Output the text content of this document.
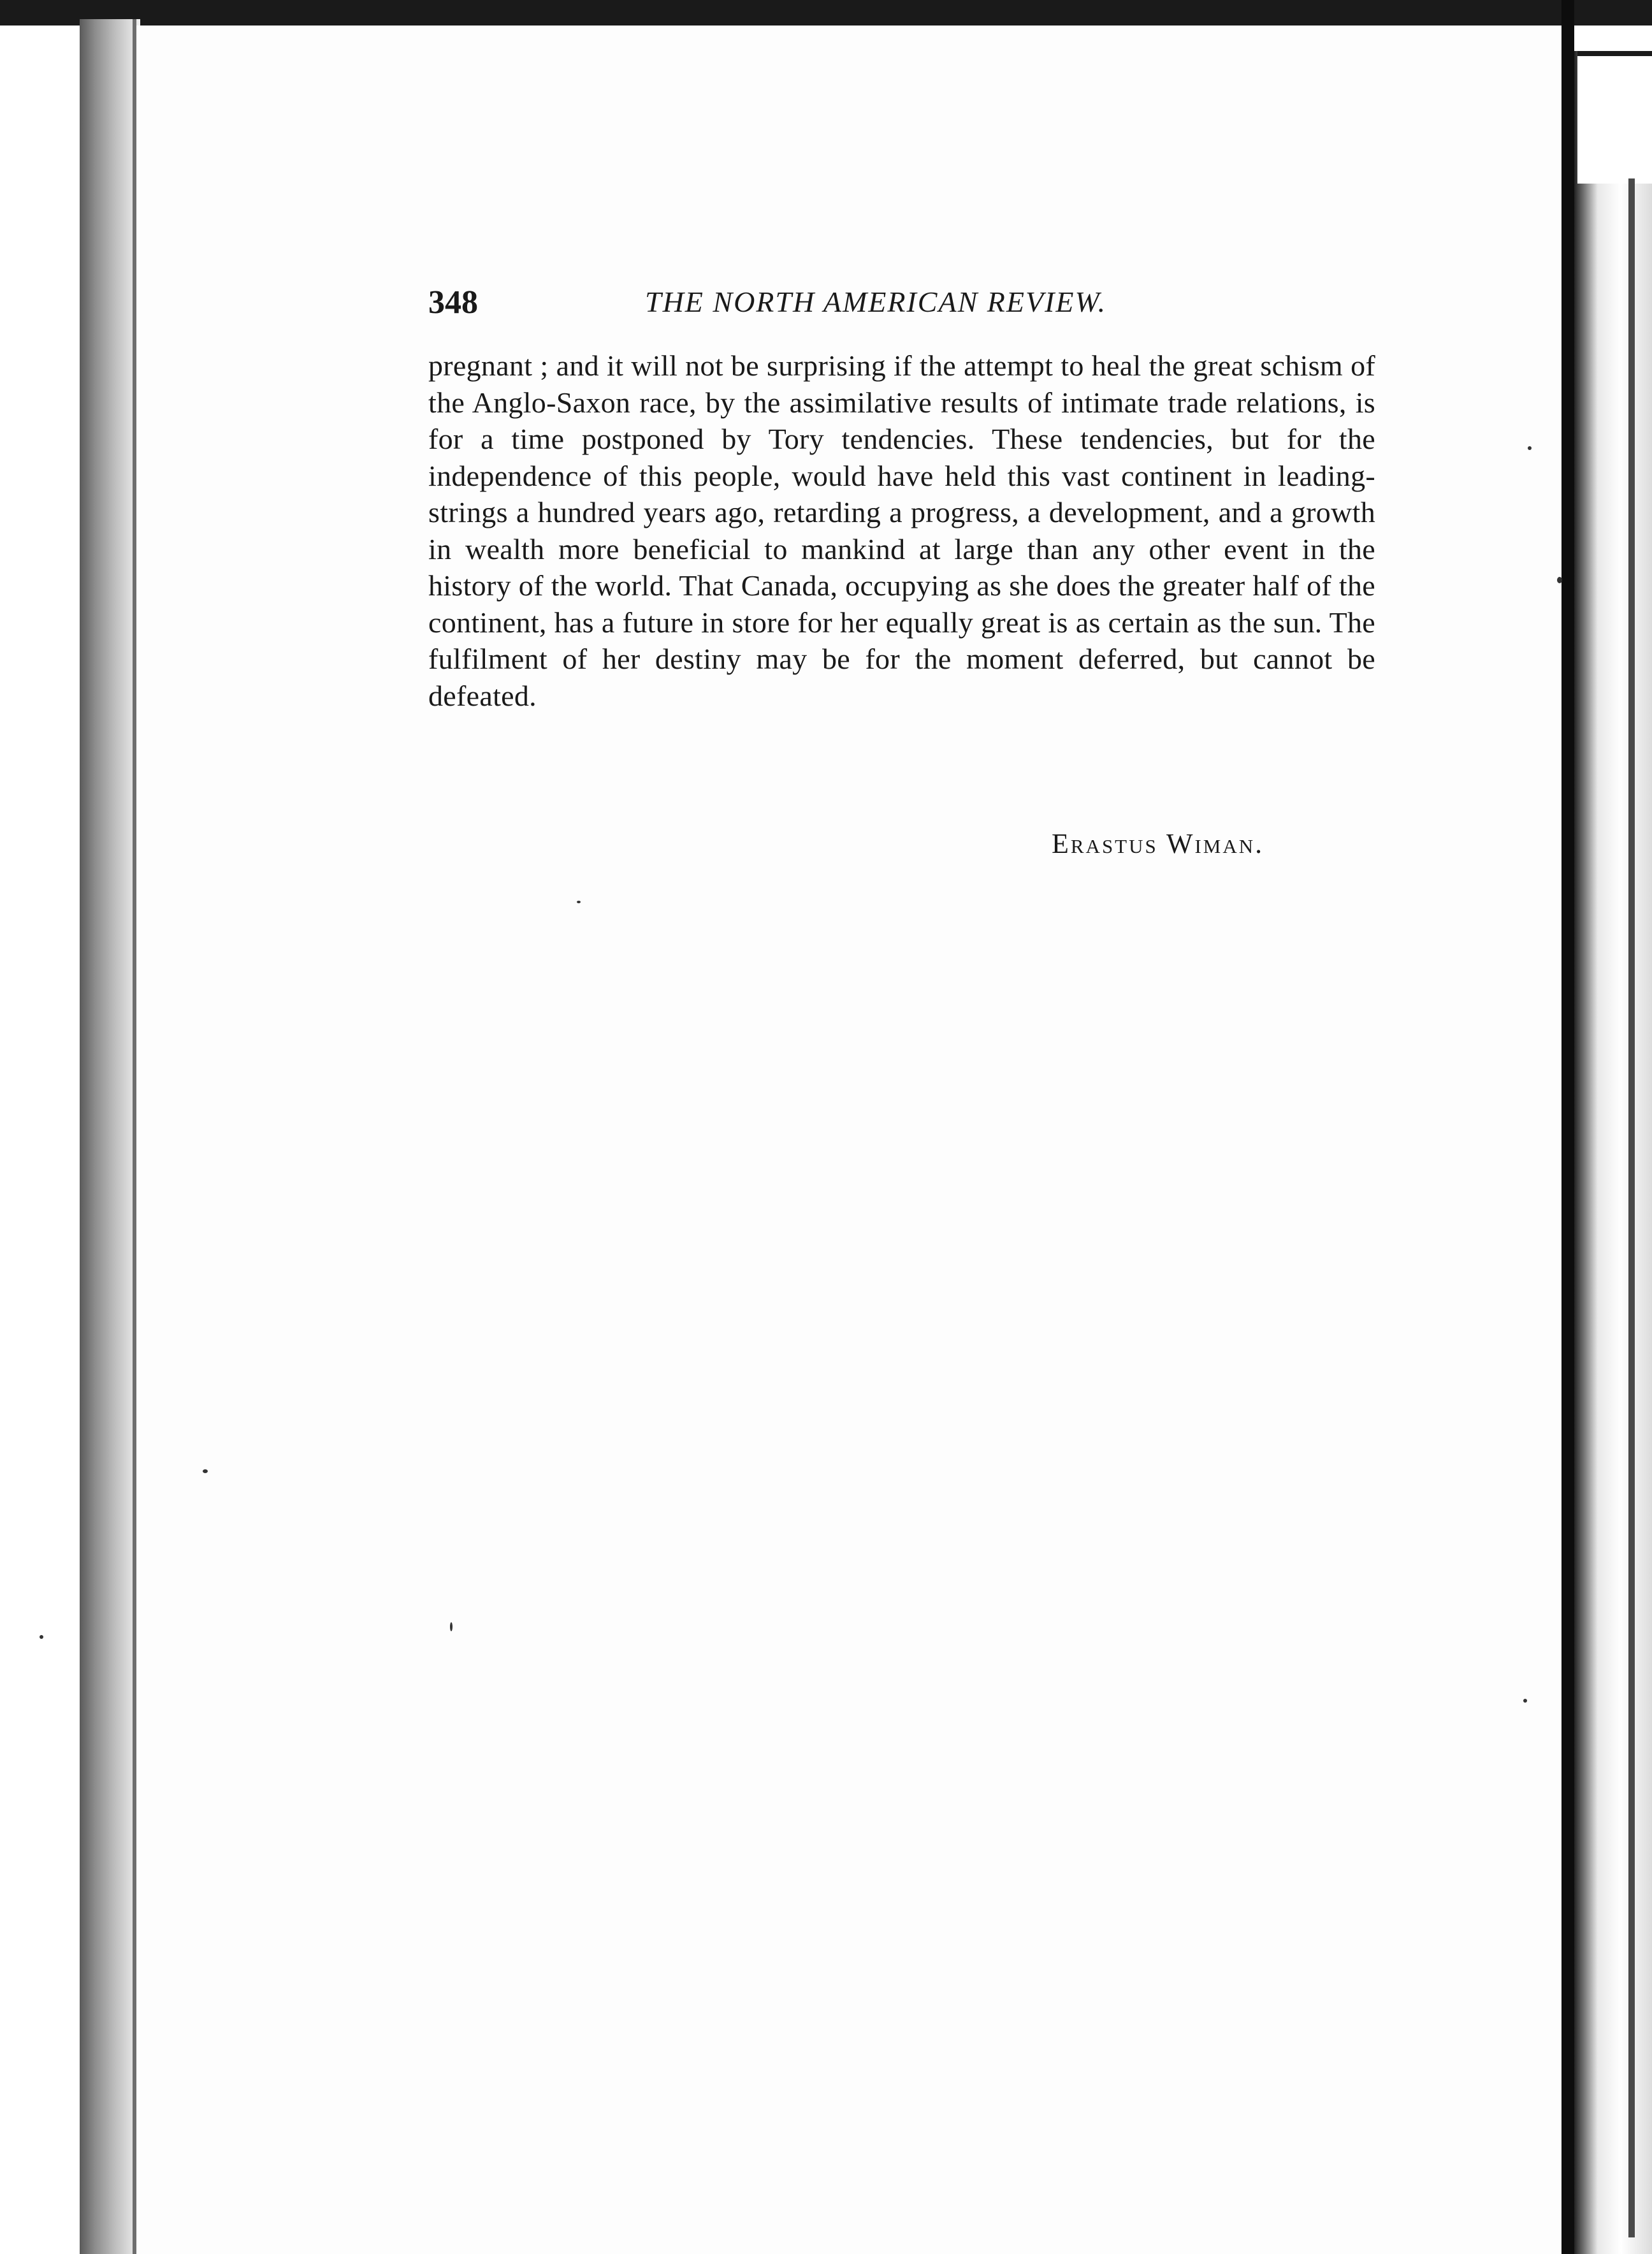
348	THE NORTH AMERICAN REVIEW.

pregnant ; and it will not be surprising if the attempt to heal the great schism of the Anglo-Saxon race, by the assimilative results of intimate trade relations, is for a time postponed by Tory tendencies. These tendencies, but for the independence of this people, would have held this vast continent in leading-strings a hundred years ago, retarding a progress, a development, and a growth in wealth more beneficial to mankind at large than any other event in the history of the world. That Canada, occupying as she does the greater half of the continent, has a future in store for her equally great is as certain as the sun. The fulfilment of her destiny may be for the moment deferred, but cannot be defeated.

Erastus Wiman.
